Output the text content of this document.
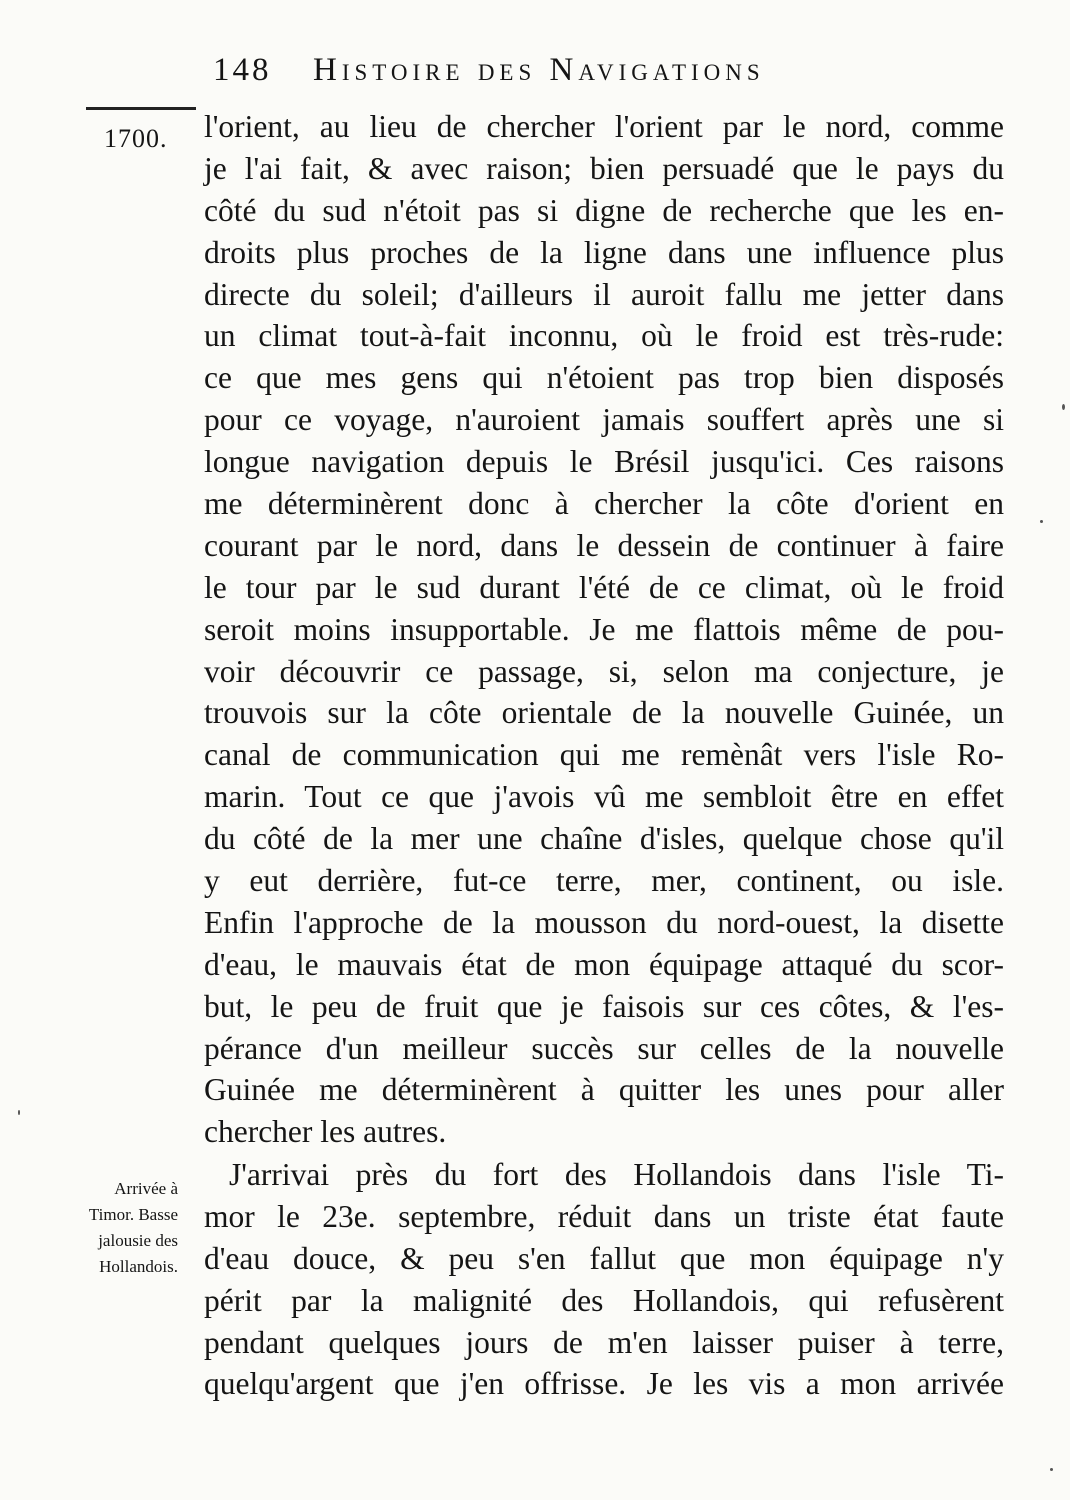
148 Histoire des Navigations
1700. l'orient, au lieu de chercher l'orient par le nord, comme
je l'ai fait, & avec raison; bien persuadé que le pays du
côté du sud n'étoit pas si digne de recherche que les en-
droits plus proches de la ligne dans une influence plus
directe du soleil; d'ailleurs il auroit fallu me jetter dans
un climat tout-à-fait inconnu, où le froid est très-rude:
ce que mes gens qui n'étoient pas trop bien disposés
pour ce voyage, n'auroient jamais souffert après une si
longue navigation depuis le Brésil jusqu'ici. Ces raisons
me déterminèrent donc à chercher la côte d'orient en
courant par le nord, dans le dessein de continuer à faire
le tour par le sud durant l'été de ce climat, où le froid
seroit moins insupportable. Je me flattois même de pou-
voir découvrir ce passage, si, selon ma conjecture, je
trouvois sur la côte orientale de la nouvelle Guinée, un
canal de communication qui me remènât vers l'isle Ro-
marin. Tout ce que j'avois vû me sembloit être en effet
du côté de la mer une chaîne d'isles, quelque chose qu'il
y eut derrière, fut-ce terre, mer, continent, ou isle.
Enfin l'approche de la mousson du nord-ouest, la disette
d'eau, le mauvais état de mon équipage attaqué du scor-
but, le peu de fruit que je faisois sur ces côtes, & l'es-
pérance d'un meilleur succès sur celles de la nouvelle
Guinée me déterminèrent à quitter les unes pour aller
chercher les autres.
J'arrivai près du fort des Hollandois dans l'isle Ti-
mor le 23e. septembre, réduit dans un triste état faute
d'eau douce, & peu s'en fallut que mon équipage n'y
périt par la malignité des Hollandois, qui refusèrent
pendant quelques jours de m'en laisser puiser à terre,
quelqu'argent que j'en offrisse. Je les vis a mon arrivée
Arrivée à
Timor. Basse
jalousie des
Hollandois.
